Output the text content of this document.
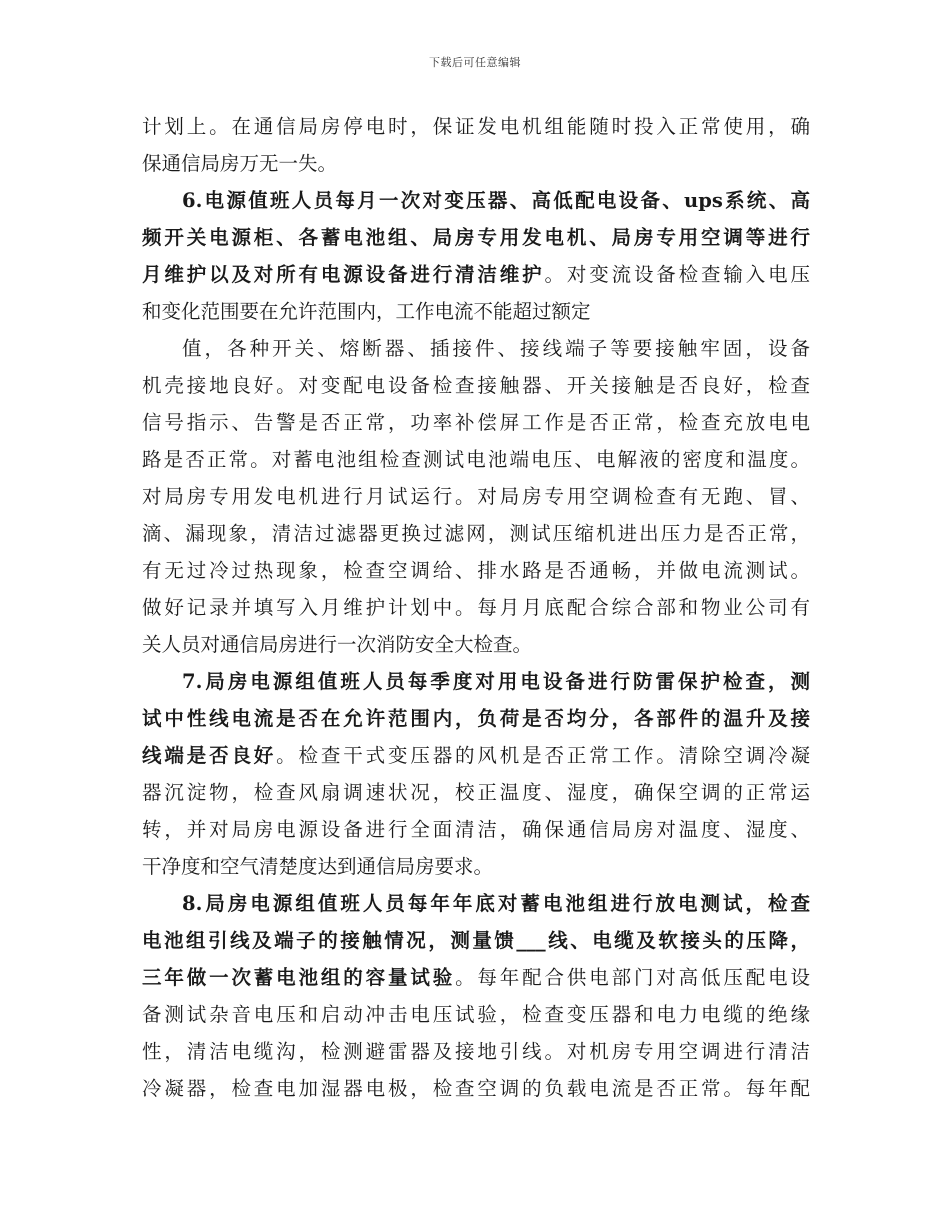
下载后可任意编辑
计划上。在通信局房停电时，保证发电机组能随时投入正常使用，确
保通信局房万无一失。
6.电源值班人员每月一次对变压器、高低配电设备、ups系统、高
频开关电源柜、各蓄电池组、局房专用发电机、局房专用空调等进行
月维护以及对所有电源设备进行清洁维护。对变流设备检查输入电压
和变化范围要在允许范围内，工作电流不能超过额定
值，各种开关、熔断器、插接件、接线端子等要接触牢固，设备
机壳接地良好。对变配电设备检查接触器、开关接触是否良好，检查
信号指示、告警是否正常，功率补偿屏工作是否正常，检查充放电电
路是否正常。对蓄电池组检查测试电池端电压、电解液的密度和温度。
对局房专用发电机进行月试运行。对局房专用空调检查有无跑、冒、
滴、漏现象，清洁过滤器更换过滤网，测试压缩机进出压力是否正常，
有无过冷过热现象，检查空调给、排水路是否通畅，并做电流测试。
做好记录并填写入月维护计划中。每月月底配合综合部和物业公司有
关人员对通信局房进行一次消防安全大检查。
7.局房电源组值班人员每季度对用电设备进行防雷保护检查，测
试中性线电流是否在允许范围内，负荷是否均分，各部件的温升及接
线端是否良好。检查干式变压器的风机是否正常工作。清除空调冷凝
器沉淀物，检查风扇调速状况，校正温度、湿度，确保空调的正常运
转，并对局房电源设备进行全面清洁，确保通信局房对温度、湿度、
干净度和空气清楚度达到通信局房要求。
8.局房电源组值班人员每年年底对蓄电池组进行放电测试，检查
电池组引线及端子的接触情况，测量馈___线、电缆及软接头的压降，
三年做一次蓄电池组的容量试验。每年配合供电部门对高低压配电设
备测试杂音电压和启动冲击电压试验，检查变压器和电力电缆的绝缘
性，清洁电缆沟，检测避雷器及接地引线。对机房专用空调进行清洁
冷凝器，检查电加湿器电极，检查空调的负载电流是否正常。每年配
